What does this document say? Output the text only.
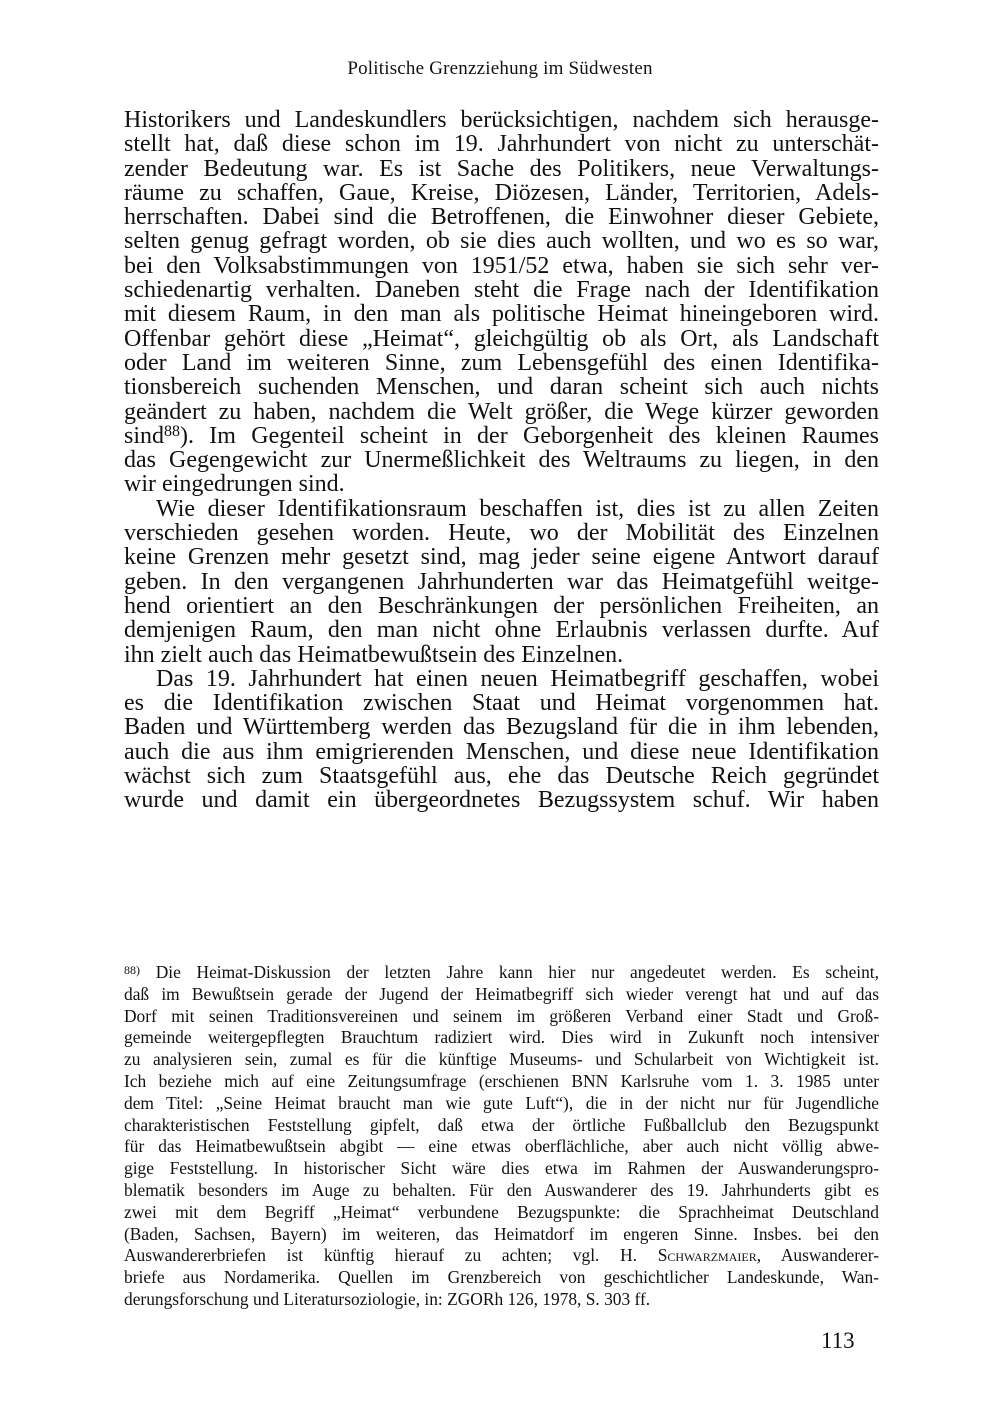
Politische Grenzziehung im Südwesten
Historikers und Landeskundlers berücksichtigen, nachdem sich herausge-
stellt hat, daß diese schon im 19. Jahrhundert von nicht zu unterschät-
zender Bedeutung war. Es ist Sache des Politikers, neue Verwaltungs-
räume zu schaffen, Gaue, Kreise, Diözesen, Länder, Territorien, Adels-
herrschaften. Dabei sind die Betroffenen, die Einwohner dieser Gebiete,
selten genug gefragt worden, ob sie dies auch wollten, und wo es so war,
bei den Volksabstimmungen von 1951/52 etwa, haben sie sich sehr ver-
schiedenartig verhalten. Daneben steht die Frage nach der Identifikation
mit diesem Raum, in den man als politische Heimat hineingeboren wird.
Offenbar gehört diese „Heimat“, gleichgültig ob als Ort, als Landschaft
oder Land im weiteren Sinne, zum Lebensgefühl des einen Identifika-
tionsbereich suchenden Menschen, und daran scheint sich auch nichts
geändert zu haben, nachdem die Welt größer, die Wege kürzer geworden
sind$^{88}$). Im Gegenteil scheint in der Geborgenheit des kleinen Raumes
das Gegengewicht zur Unermeßlichkeit des Weltraums zu liegen, in den
wir eingedrungen sind.
Wie dieser Identifikationsraum beschaffen ist, dies ist zu allen Zeiten
verschieden gesehen worden. Heute, wo der Mobilität des Einzelnen
keine Grenzen mehr gesetzt sind, mag jeder seine eigene Antwort darauf
geben. In den vergangenen Jahrhunderten war das Heimatgefühl weitge-
hend orientiert an den Beschränkungen der persönlichen Freiheiten, an
demjenigen Raum, den man nicht ohne Erlaubnis verlassen durfte. Auf
ihn zielt auch das Heimatbewußtsein des Einzelnen.
Das 19. Jahrhundert hat einen neuen Heimatbegriff geschaffen, wobei
es die Identifikation zwischen Staat und Heimat vorgenommen hat.
Baden und Württemberg werden das Bezugsland für die in ihm lebenden,
auch die aus ihm emigrierenden Menschen, und diese neue Identifikation
wächst sich zum Staatsgefühl aus, ehe das Deutsche Reich gegründet
wurde und damit ein übergeordnetes Bezugssystem schuf. Wir haben
$^{88)}$ Die Heimat-Diskussion der letzten Jahre kann hier nur angedeutet werden. Es scheint,
daß im Bewußtsein gerade der Jugend der Heimatbegriff sich wieder verengt hat und auf das
Dorf mit seinen Traditionsvereinen und seinem im größeren Verband einer Stadt und Groß-
gemeinde weitergepflegten Brauchtum radiziert wird. Dies wird in Zukunft noch intensiver
zu analysieren sein, zumal es für die künftige Museums- und Schularbeit von Wichtigkeit ist.
Ich beziehe mich auf eine Zeitungsumfrage (erschienen BNN Karlsruhe vom 1. 3. 1985 unter
dem Titel: „Seine Heimat braucht man wie gute Luft“), die in der nicht nur für Jugendliche
charakteristischen Feststellung gipfelt, daß etwa der örtliche Fußballclub den Bezugspunkt
für das Heimatbewußtsein abgibt — eine etwas oberflächliche, aber auch nicht völlig abwe-
gige Feststellung. In historischer Sicht wäre dies etwa im Rahmen der Auswanderungspro-
blematik besonders im Auge zu behalten. Für den Auswanderer des 19. Jahrhunderts gibt es
zwei mit dem Begriff „Heimat“ verbundene Bezugspunkte: die Sprachheimat Deutschland
(Baden, Sachsen, Bayern) im weiteren, das Heimatdorf im engeren Sinne. Insbes. bei den
Auswandererbriefen ist künftig hierauf zu achten; vgl. H. Schwarzmaier, Auswanderer-
briefe aus Nordamerika. Quellen im Grenzbereich von geschichtlicher Landeskunde, Wan-
derungsforschung und Literatursoziologie, in: ZGORh 126, 1978, S. 303 ff.
113
